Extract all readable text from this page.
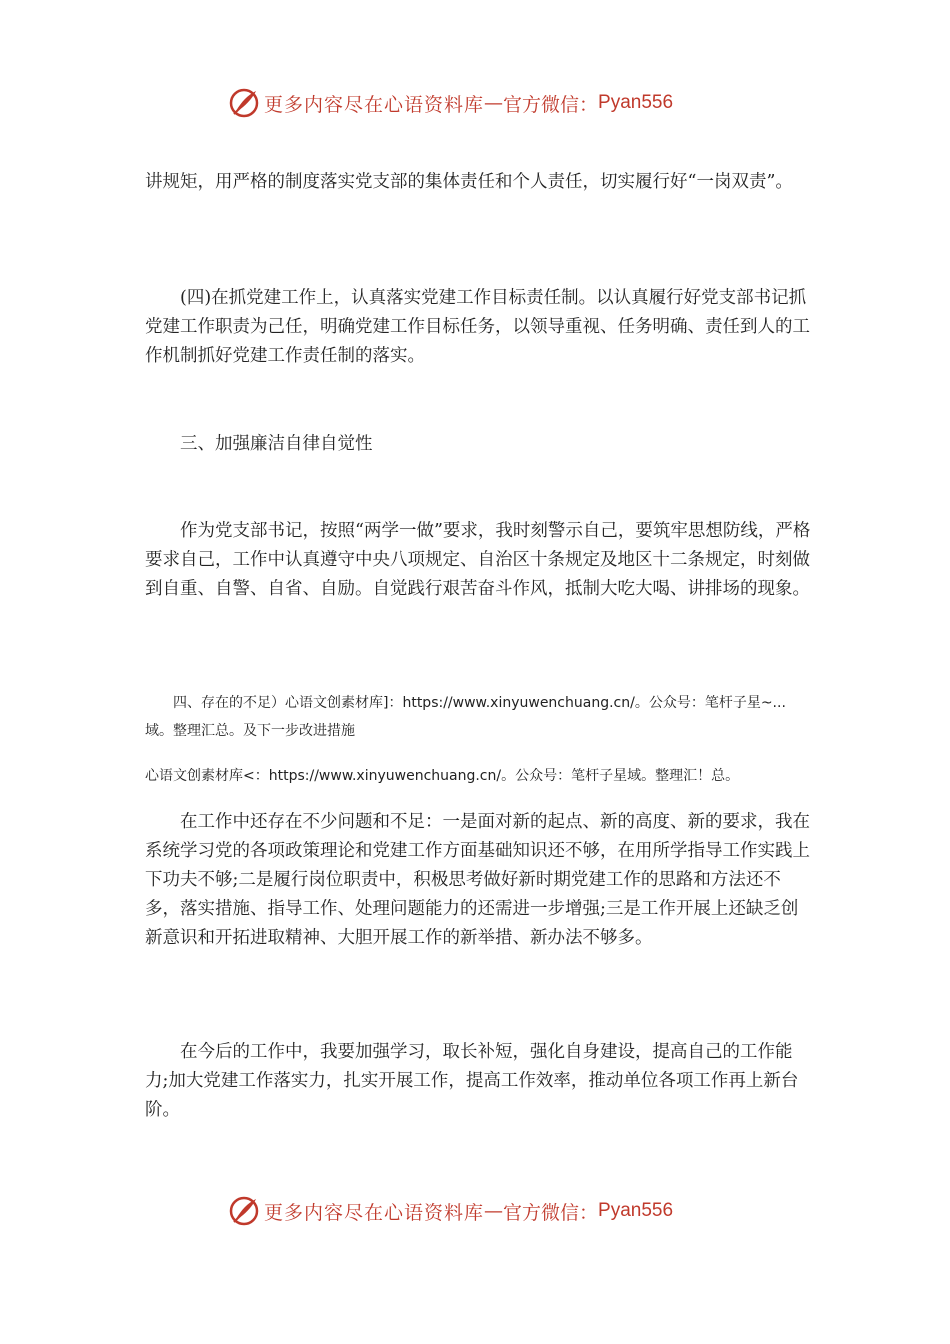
更多内容尽在心语资料库 — 官方微信： Pyan556

讲规矩，用严格的制度落实党支部的集体责任和个人责任，切实履行好“一岗双责”。

　　(四)在抓党建工作上，认真落实党建工作目标责任制。以认真履行好党支部书记抓党建工作职责为己任，明确党建工作目标任务，以领导重视、任务明确、责任到人的工作机制抓好党建工作责任制的落实。

　　三、加强廉洁自律自觉性

　　作为党支部书记，按照“两学一做”要求，我时刻警示自己，要筑牢思想防线，严格要求自己，工作中认真遵守中央八项规定、自治区十条规定及地区十二条规定，时刻做到自重、自警、自省、自励。自觉践行艰苦奋斗作风，抵制大吃大喝、讲排场的现象。

　　四、存在的不足）心语文创素材库]：https://www.xinyuwenchuang.cn/。公众号：笔杆子星~...域。整理汇总。及下一步改进措施

心语文创素材库<：https://www.xinyuwenchuang.cn/。公众号：笔杆子星域。整理汇！总。

　　在工作中还存在不少问题和不足：一是面对新的起点、新的高度、新的要求，我在系统学习党的各项政策理论和党建工作方面基础知识还不够，在用所学指导工作实践上下功夫不够;二是履行岗位职责中，积极思考做好新时期党建工作的思路和方法还不多，落实措施、指导工作、处理问题能力的还需进一步增强;三是工作开展上还缺乏创新意识和开拓进取精神、大胆开展工作的新举措、新办法不够多。

　　在今后的工作中，我要加强学习，取长补短，强化自身建设，提高自己的工作能力;加大党建工作落实力，扎实开展工作，提高工作效率，推动单位各项工作再上新台阶。

更多内容尽在心语资料库 — 官方微信： Pyan556
